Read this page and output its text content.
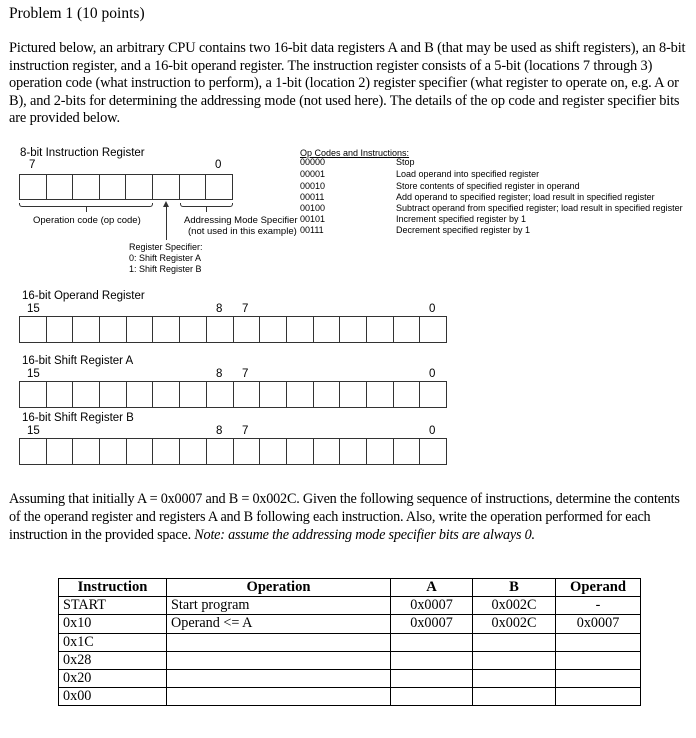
Problem 1 (10 points)
Pictured below, an arbitrary CPU contains two 16-bit data registers A and B (that may be used as shift registers), an 8-bit instruction register, and a 16-bit operand register. The instruction register consists of a 5-bit (locations 7 through 3) operation code (what instruction to perform), a 1-bit (location 2) register specifier (what register to operate on, e.g. A or B), and 2-bits for determining the addressing mode (not used here). The details of the op code and register specifier bits are provided below.
8-bit Instruction Register
7	0
Operation code (op code)	Addressing Mode Specifier
(not used in this example)
Register Specifier:
0: Shift Register A
1: Shift Register B
Op Codes and Instructions:
00000	Stop
00001	Load operand into specified register
00010	Store contents of specified register in operand
00011	Add operand to specified register; load result in specified register
00100	Subtract operand from specified register; load result in specified register
00101	Increment specified register by 1
00111	Decrement specified register by 1
16-bit Operand Register
15	8 7	0
16-bit Shift Register A
15	8 7	0
16-bit Shift Register B
15	8 7	0
Assuming that initially A = 0x0007 and B = 0x002C. Given the following sequence of instructions, determine the contents of the operand register and registers A and B following each instruction. Also, write the operation performed for each instruction in the provided space. Note: assume the addressing mode specifier bits are always 0.
Instruction	Operation	A	B	Operand
START	Start program	0x0007	0x002C	-
0x10	Operand <= A	0x0007	0x002C	0x0007
0x1C				
0x28				
0x20				
0x00				
